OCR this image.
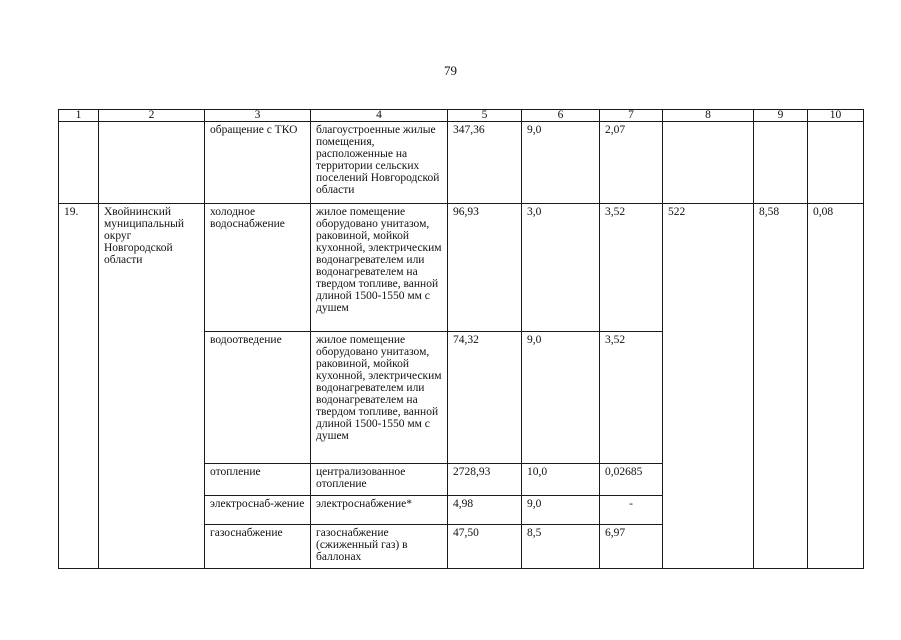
79
1	2	3	4	5	6	7	8	9	10
		обращение с ТКО	благоустроенные жилые помещения, расположенные на территории сельских поселений Новгородской области	347,36	9,0	2,07			
19.	Хвойнинский муниципальный округ Новгородской области	холодное водоснабжение	жилое помещение оборудовано унитазом, раковиной, мойкой кухонной, электрическим водонагревателем или водонагревателем на твердом топливе, ванной длиной 1500-1550 мм с душем	96,93	3,0	3,52	522	8,58	0,08
		водоотведение	жилое помещение оборудовано унитазом, раковиной, мойкой кухонной, электрическим водонагревателем или водонагревателем на твердом топливе, ванной длиной 1500-1550 мм с душем	74,32	9,0	3,52			
		отопление	централизованное отопление	2728,93	10,0	0,02685			
		электроснаб-жение	электроснабжение*	4,98	9,0	-			
		газоснабжение	газоснабжение (сжиженный газ) в баллонах	47,50	8,5	6,97			
